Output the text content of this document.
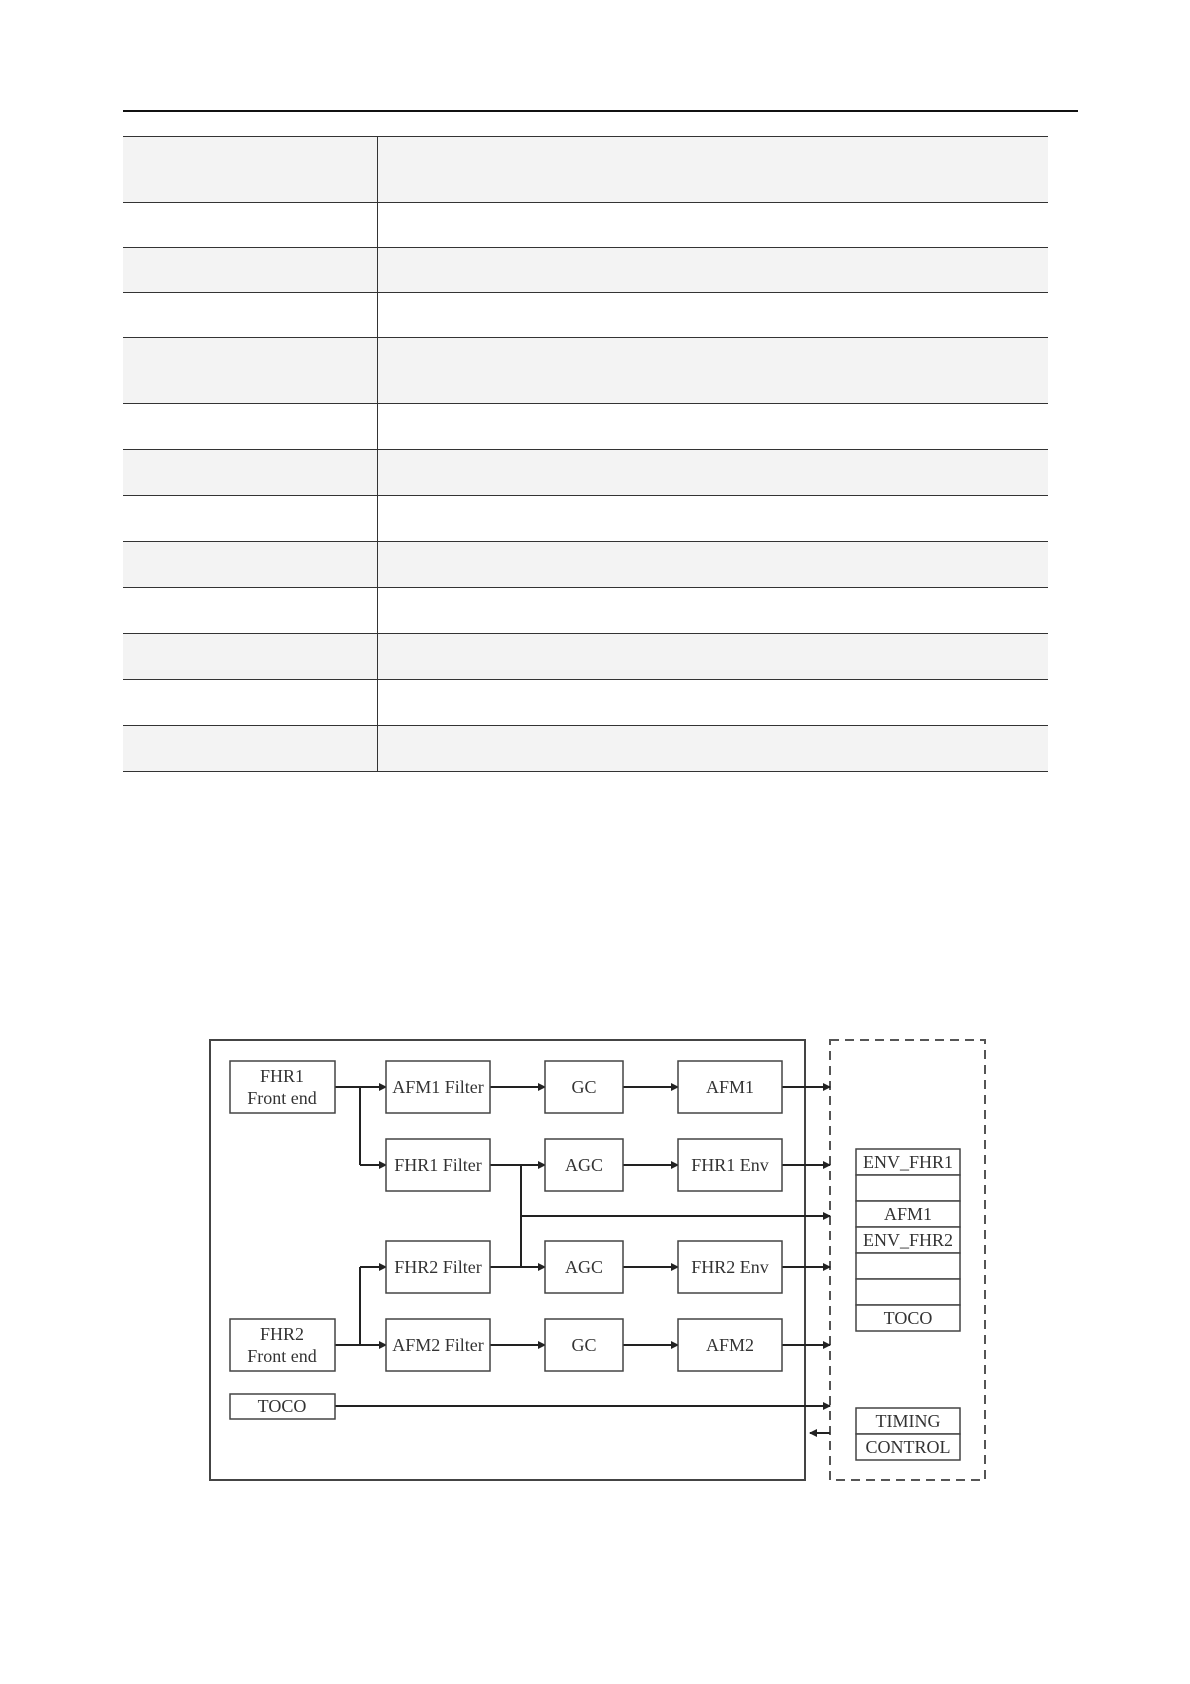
FHR1
Front end
FHR2
Front end
TOCO
AFM1 Filter
FHR1 Filter
FHR2 Filter
AFM2 Filter
GC
AGC
AGC
GC
AFM1
FHR1 Env
FHR2 Env
AFM2
ENV_FHR1
AFM1
ENV_FHR2
TOCO
TIMING
CONTROL
